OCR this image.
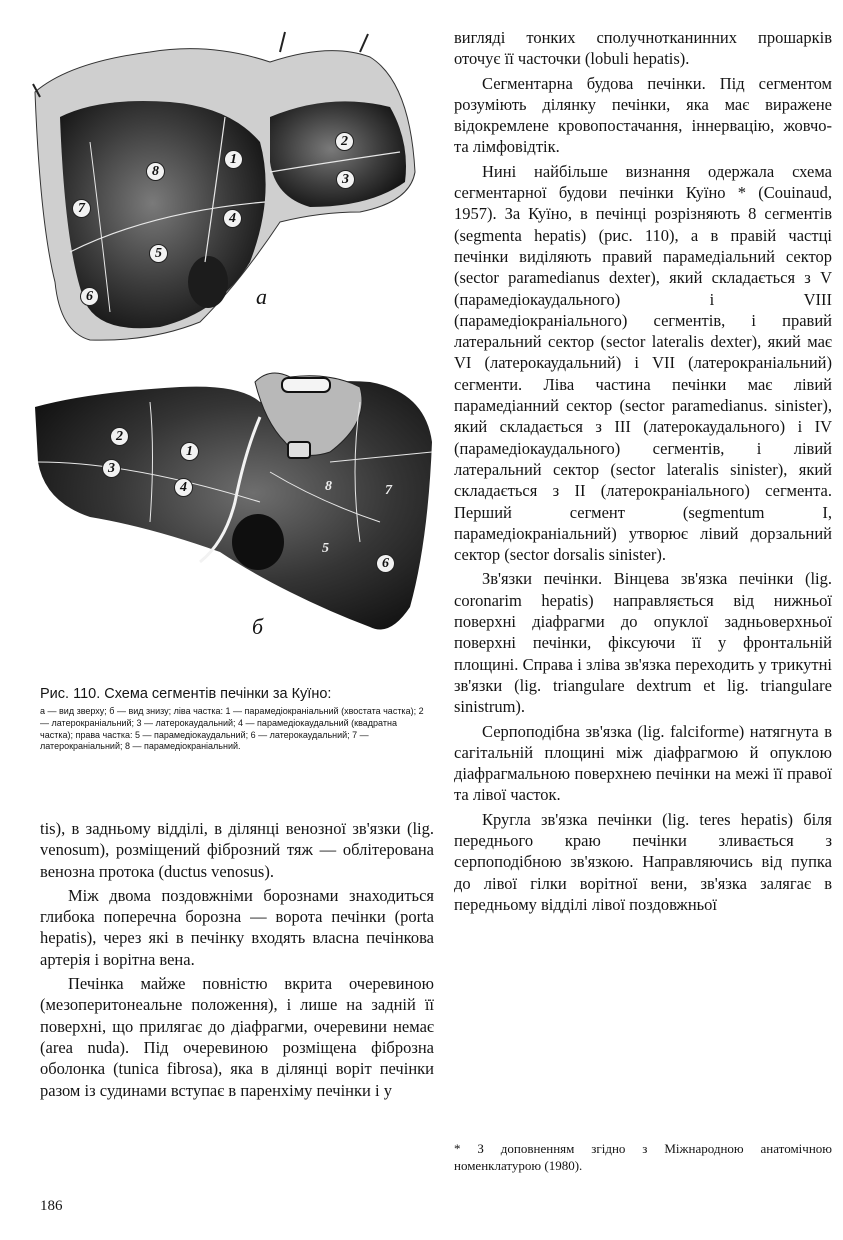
а
б
1
2
3
4
5
6
7
8
1
2
3
4
5
6
7
8

Рис. 110. Схема сегментів печінки за Куїно:

а — вид зверху; б — вид знизу; ліва частка: 1 — парамедіокраніальний (хвостата частка); 2 — латерокраніальний; 3 — латерокаудальний; 4 — парамедіокаудальний (квадратна частка); права частка: 5 — парамедіокаудальний; 6 — латерокаудальний; 7 — латерокраніальний; 8 — парамедіокраніальний.

tis), в задньому відділі, в ділянці венозної зв'язки (lig. venosum), розміщений фіброзний тяж — облітерована венозна протока (ductus venosus).

Між двома поздовжніми борознами знаходиться глибока поперечна борозна — ворота печінки (porta hepatis), через які в печінку входять власна печінкова артерія і ворітна вена.

Печінка майже повністю вкрита очеревиною (мезоперитонеальне положення), і лише на задній її поверхні, що прилягає до діафрагми, очеревини немає (area nuda). Під очеревиною розміщена фіброзна оболонка (tunica fibrosa), яка в ділянці воріт печінки разом із судинами вступає в паренхіму печінки і у

вигляді тонких сполучнотканинних прошарків оточує її часточки (lobuli hepatis).

Сегментарна будова печінки. Під сегментом розуміють ділянку печінки, яка має виражене відокремлене кровопостачання, іннервацію, жовчо- та лімфовідтік.

Нині найбільше визнання одержала схема сегментарної будови печінки Куїно * (Couinaud, 1957). За Куїно, в печінці розрізняють 8 сегментів (segmenta hepatis) (рис. 110), а в правій частці печінки виділяють правий парамедіальний сектор (sector paramedianus dexter), який складається з V (парамедіокаудального) і VIII (парамедіокраніального) сегментів, і правий латеральний сектор (sector lateralis dexter), який має VI (латерокаудальний) і VII (латерокраніальний) сегменти. Ліва частина печінки має лівий парамедіанний сектор (sector paramedianus. sinister), який складається з III (латерокаудального) і IV (парамедіокаудального) сегментів, і лівий латеральний сектор (sector lateralis sinister), який складається з II (латерокраніального) сегмента. Перший сегмент (segmentum I, парамедіокраніальний) утворює лівий дорзальний сектор (sector dorsalis sinister).

Зв'язки печінки. Вінцева зв'язка печінки (lig. coronarim hepatis) направляється від нижньої поверхні діафрагми до опуклої задньоверхньої поверхні печінки, фіксуючи її у фронтальній площині. Справа і зліва зв'язка переходить у трикутні зв'язки (lig. triangulare dextrum et lig. triangulare sinistrum).

Серпоподібна зв'язка (lig. falciforme) натягнута в сагітальній площині між діафрагмою й опуклою діафрагмальною поверхнею печінки на межі її правої та лівої часток.

Кругла зв'язка печінки (lig. teres hepatis) біля переднього краю печінки зливається з серпоподібною зв'язкою. Направляючись від пупка до лівої гілки ворітної вени, зв'язка залягає в передньому відділі лівої поздовжньої

* З доповненням згідно з Міжнародною анатомічною номенклатурою (1980).
186
